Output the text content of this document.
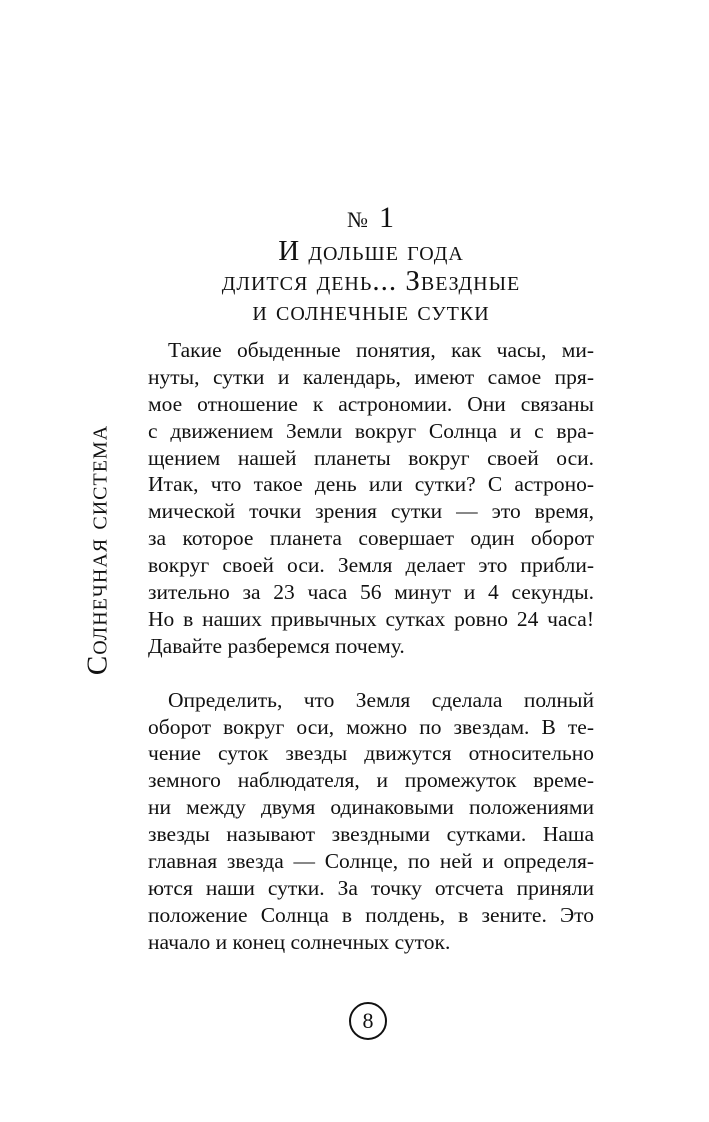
№ 1
И дольше года
длится день... Звездные
и солнечные сутки
Солнечная система
Такие обыденные понятия, как часы, ми-
нуты, сутки и календарь, имеют самое пря-
мое отношение к астрономии. Они связаны
с движением Земли вокруг Солнца и с вра-
щением нашей планеты вокруг своей оси.
Итак, что такое день или сутки? С астроно-
мической точки зрения сутки — это время,
за которое планета совершает один оборот
вокруг своей оси. Земля делает это прибли-
зительно за 23 часа 56 минут и 4 секунды.
Но в наших привычных сутках ровно 24 часа!
Давайте разберемся почему.
Определить, что Земля сделала полный
оборот вокруг оси, можно по звездам. В те-
чение суток звезды движутся относительно
земного наблюдателя, и промежуток време-
ни между двумя одинаковыми положениями
звезды называют звездными сутками. Наша
главная звезда — Солнце, по ней и определя-
ются наши сутки. За точку отсчета приняли
положение Солнца в полдень, в зените. Это
начало и конец солнечных суток.
8
